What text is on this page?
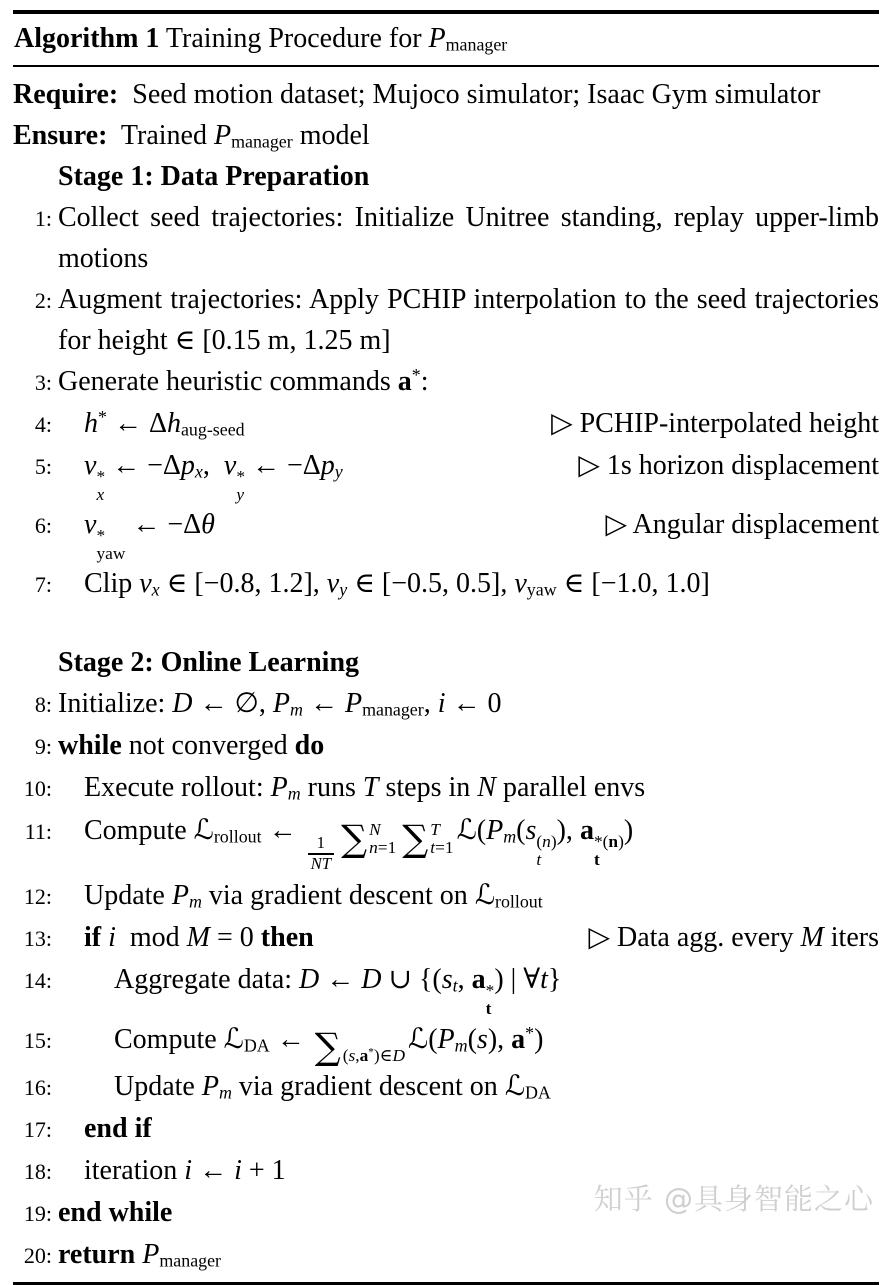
Algorithm 1 Training Procedure for Pmanager
Require:  Seed motion dataset; Mujoco simulator; Isaac Gym simulator
Ensure:  Trained Pmanager model
Stage 1: Data Preparation
1: Collect seed trajectories: Initialize Unitree standing, replay upper-limb motions
2: Augment trajectories: Apply PCHIP interpolation to the seed trajectories for height ∈ [0.15 m, 1.25 m]
3: Generate heuristic commands a*:
4:	h* ← Δhaug-seed	▷ PCHIP-interpolated height
5:	v *
x
← −Δpx,  v *
y
← −Δpy	▷ 1s horizon displacement
6:	v *
yaw
← −Δθ	▷ Angular displacement
7:	Clip vx ∈ [−0.8, 1.2], vy ∈ [−0.5, 0.5], vyaw ∈ [−1.0, 1.0]
Stage 2: Online Learning
8: Initialize: D ← ∅, Pm ← Pmanager, i ← 0
9: while not converged do
10:	Execute rollout: Pm runs T steps in N parallel envs
11:	Compute ℒrollout ←
$\frac{1}{NT}$ ∑ N
n=1 ∑ T
t=1
ℒ(Pm(s (n)
t
), a *(n)
t
)
12:	Update Pm via gradient descent on ℒrollout
13:	if i  mod M = 0 then	▷ Data agg. every M iters
14:	Aggregate data: D ← D ∪ {(st, a *
t
) | ∀t}
15:	Compute ℒDA ← ∑ (s,a*)∈D
ℒ(Pm(s), a*)
16:	Update Pm via gradient descent on ℒDA
17:	end if
18:	iteration i ← i + 1
19: end while
20: return Pmanager
知乎 @具身智能之心
